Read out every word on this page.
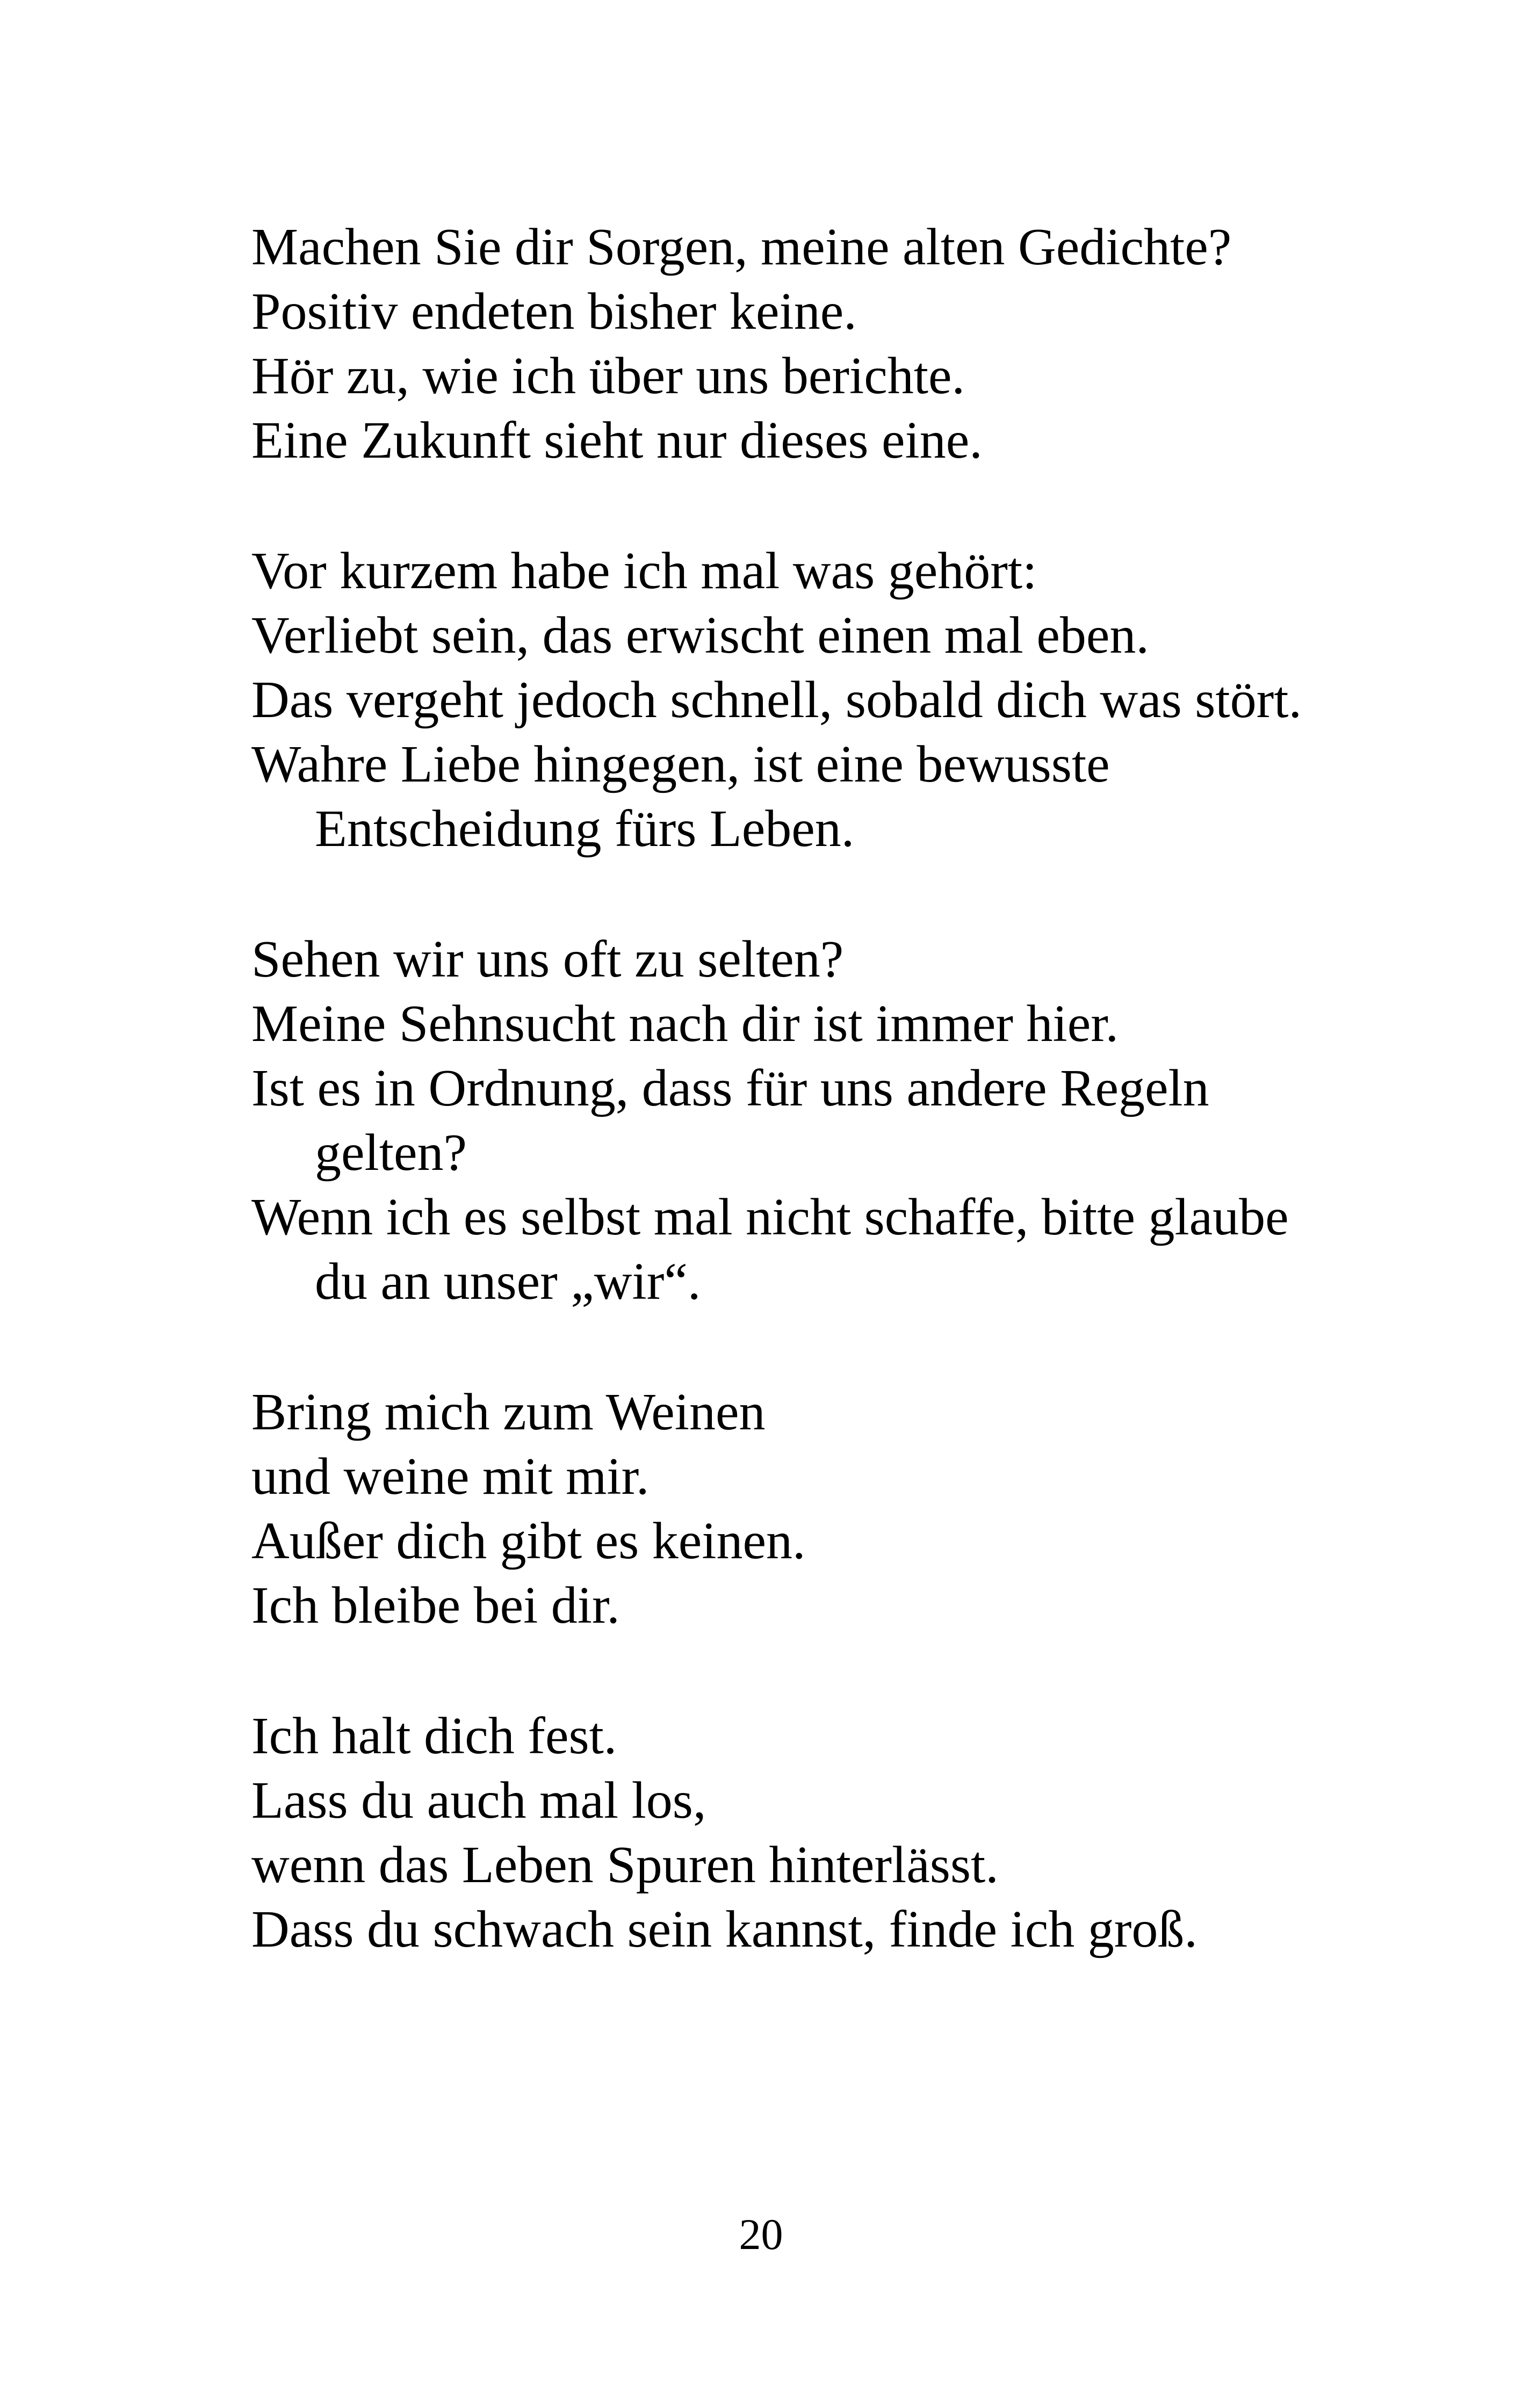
Machen Sie dir Sorgen, meine alten Gedichte?
Positiv endeten bisher keine.
Hör zu, wie ich über uns berichte.
Eine Zukunft sieht nur dieses eine.
Vor kurzem habe ich mal was gehört:
Verliebt sein, das erwischt einen mal eben.
Das vergeht jedoch schnell, sobald dich was stört.
Wahre Liebe hingegen, ist eine bewusste Entscheidung fürs Leben.
Sehen wir uns oft zu selten?
Meine Sehnsucht nach dir ist immer hier.
Ist es in Ordnung, dass für uns andere Regeln gelten?
Wenn ich es selbst mal nicht schaffe, bitte glaube du an unser „wir“.
Bring mich zum Weinen
und weine mit mir.
Außer dich gibt es keinen.
Ich bleibe bei dir.
Ich halt dich fest.
Lass du auch mal los,
wenn das Leben Spuren hinterlässt.
Dass du schwach sein kannst, finde ich groß.
20
